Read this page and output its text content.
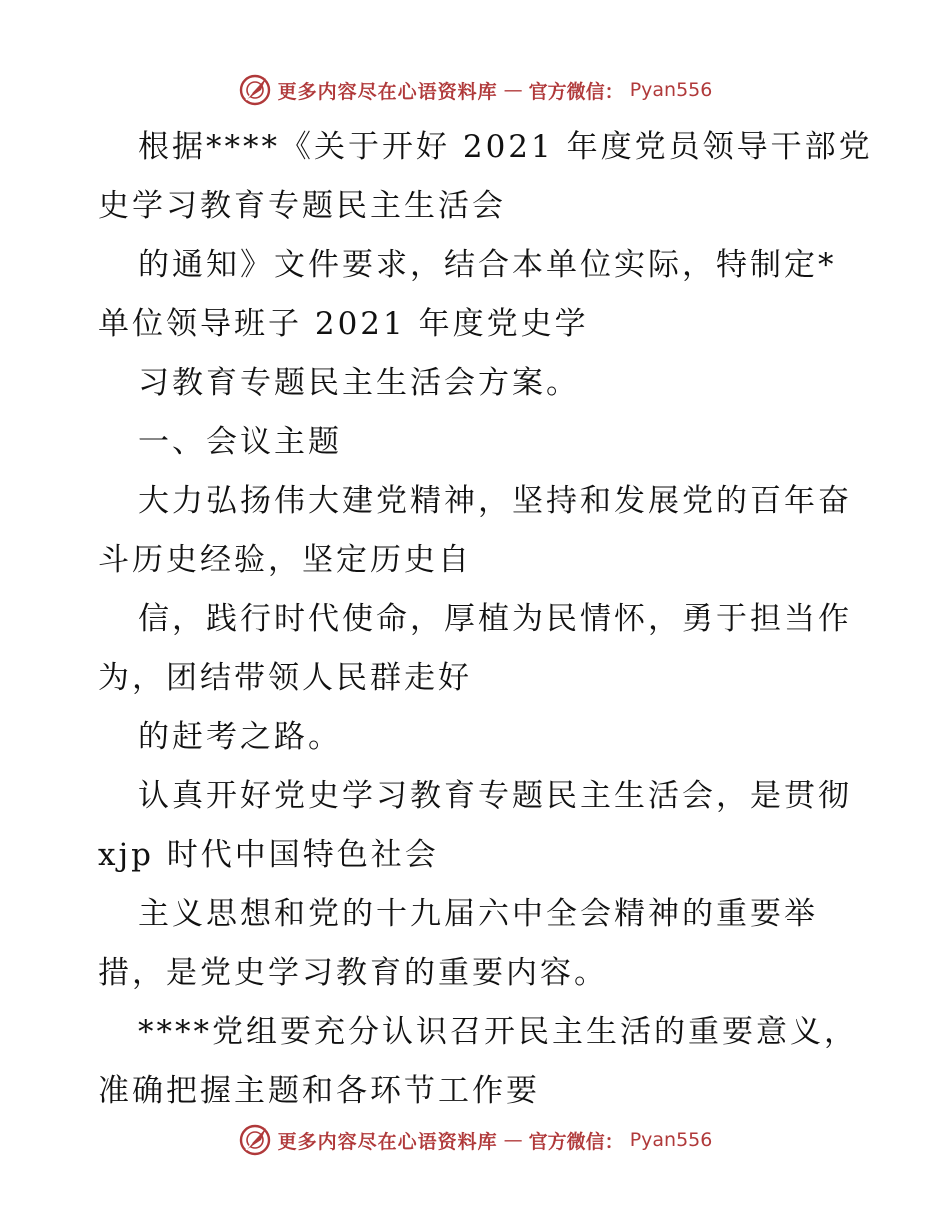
更多内容尽在心语资料库 — 官方微信： Pyan556

根据****《关于开好 2021 年度党员领导干部党
史学习教育专题民主生活会

的通知》文件要求，结合本单位实际，特制定*
单位领导班子 2021 年度党史学

习教育专题民主生活会方案。

一、会议主题

大力弘扬伟大建党精神，坚持和发展党的百年奋
斗历史经验，坚定历史自

信，践行时代使命，厚植为民情怀，勇于担当作
为，团结带领人民群走好

的赶考之路。

认真开好党史学习教育专题民主生活会，是贯彻
xjp 时代中国特色社会

主义思想和党的十九届六中全会精神的重要举
措，是党史学习教育的重要内容。

****党组要充分认识召开民主生活的重要意义，
准确把握主题和各环节工作要

更多内容尽在心语资料库 — 官方微信： Pyan556
